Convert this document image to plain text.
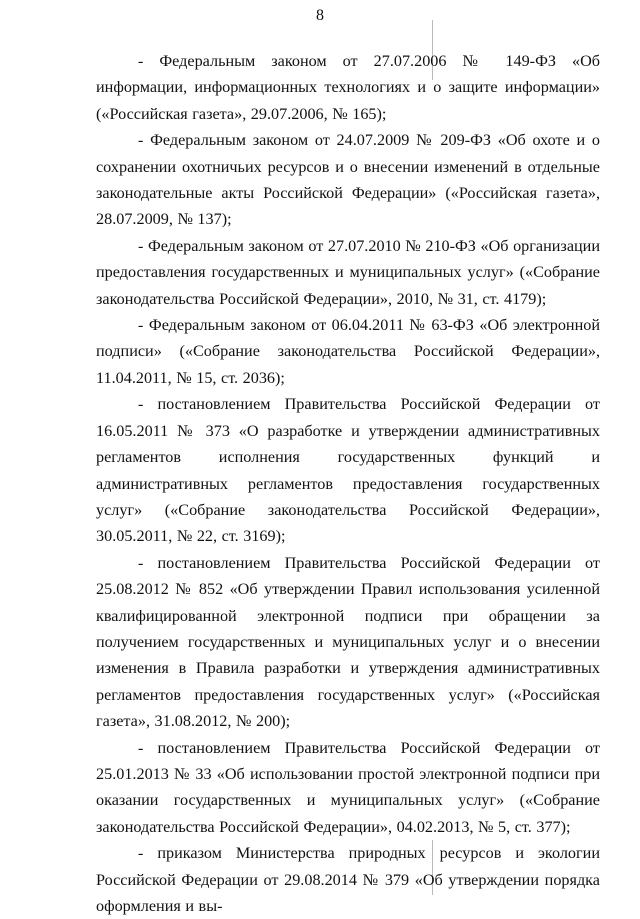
8

- Федеральным законом от 27.07.2006 № 149-ФЗ «Об информации, информационных технологиях и о защите информации» («Российская газета», 29.07.2006, № 165);

- Федеральным законом от 24.07.2009 № 209-ФЗ «Об охоте и о сохранении охотничьих ресурсов и о внесении изменений в отдельные законодательные акты Российской Федерации» («Российская газета», 28.07.2009, № 137);

- Федеральным законом от 27.07.2010 № 210-ФЗ «Об организации предоставления государственных и муниципальных услуг» («Собрание законодательства Российской Федерации», 2010, № 31, ст. 4179);

- Федеральным законом от 06.04.2011 № 63-ФЗ «Об электронной подписи» («Собрание законодательства Российской Федерации», 11.04.2011, № 15, ст. 2036);

- постановлением Правительства Российской Федерации от 16.05.2011 № 373 «О разработке и утверждении административных регламентов исполнения государственных функций и административных регламентов предоставления государственных услуг» («Собрание законодательства Российской Федерации», 30.05.2011, № 22, ст. 3169);

- постановлением Правительства Российской Федерации от 25.08.2012 № 852 «Об утверждении Правил использования усиленной квалифицированной электронной подписи при обращении за получением государственных и муниципальных услуг и о внесении изменения в Правила разработки и утверждения административных регламентов предоставления государственных услуг» («Российская газета», 31.08.2012, № 200);

- постановлением Правительства Российской Федерации от 25.01.2013 № 33 «Об использовании простой электронной подписи при оказании государственных и муниципальных услуг» («Собрание законодательства Российской Федерации», 04.02.2013, № 5, ст. 377);

- приказом Министерства природных ресурсов и экологии Российской Федерации от 29.08.2014 № 379 «Об утверждении порядка оформления и вы-
